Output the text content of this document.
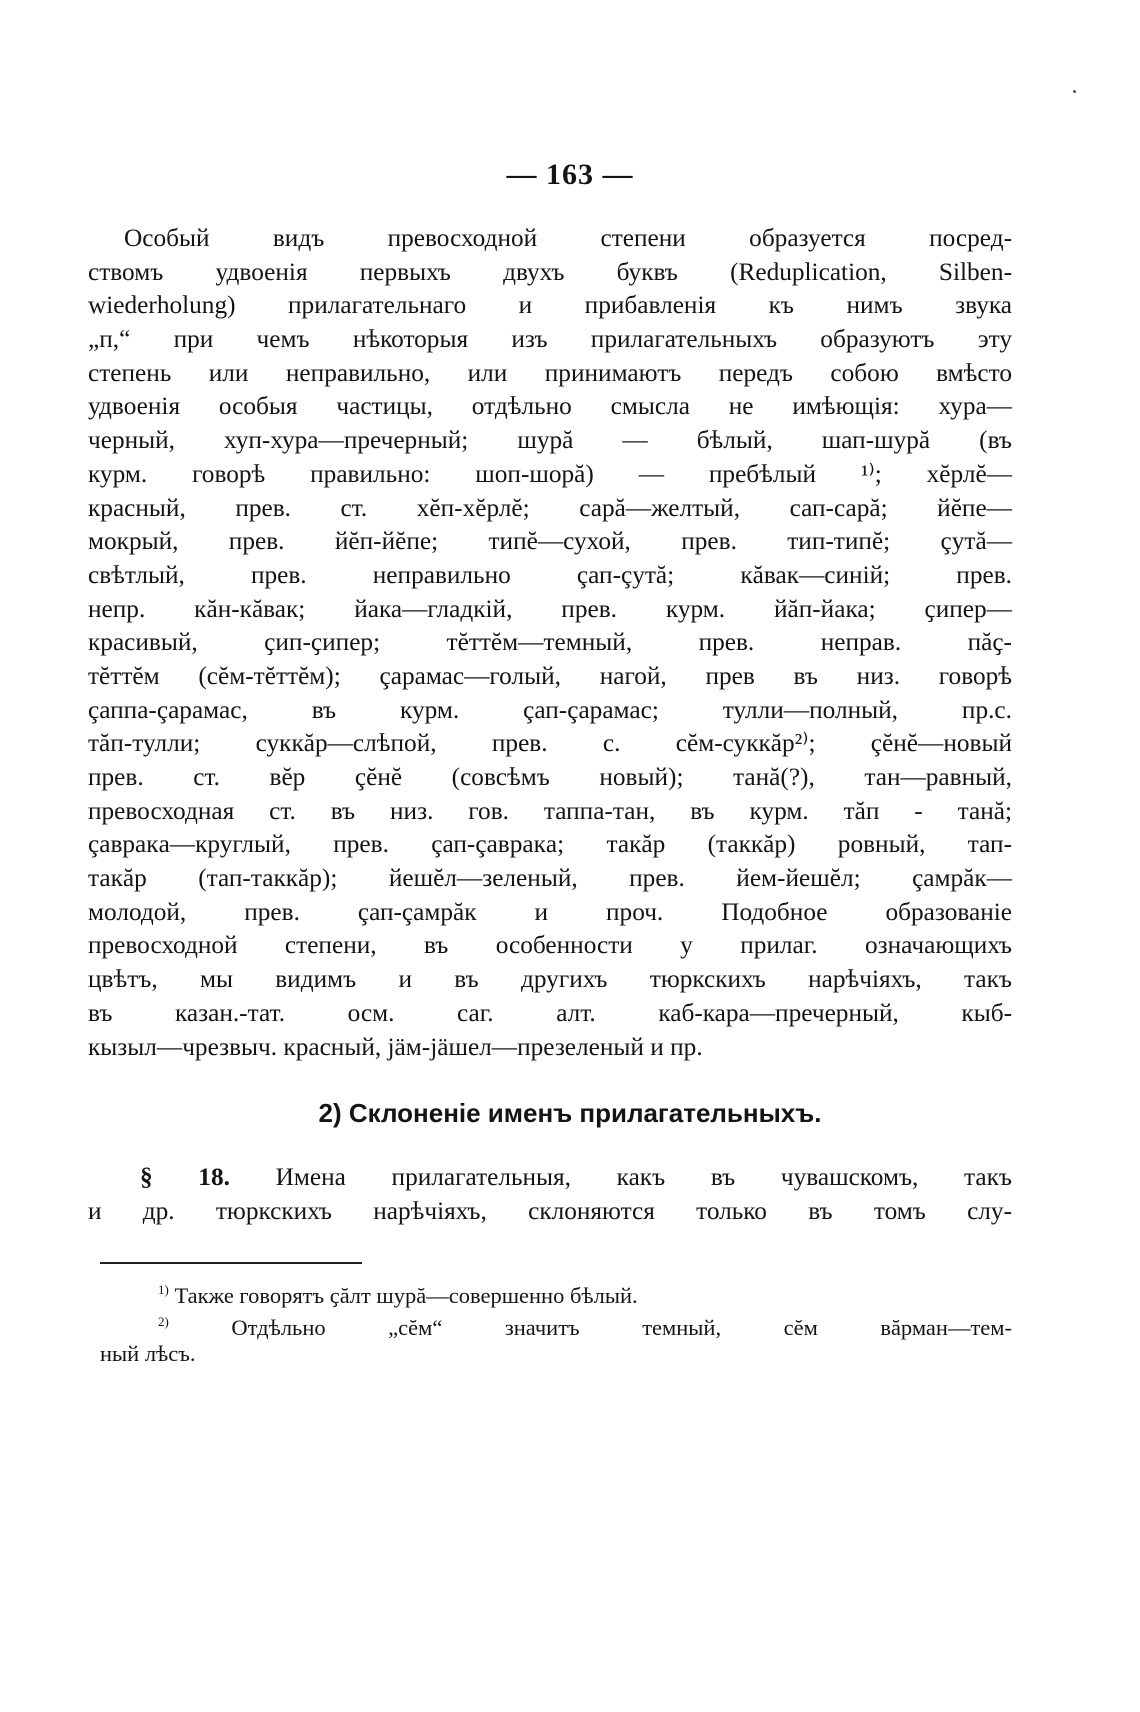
— 163 —
Особый видъ превосходной степени образуется посред-
ствомъ удвоенія первыхъ двухъ буквъ (Reduplication, Silben-
wiederholung) прилагательнаго и прибавленія къ нимъ звука
„п,“ при чемъ нѣкоторыя изъ прилагательныхъ образуютъ эту
степень или неправильно, или принимаютъ передъ собою вмѣсто
удвоенія особыя частицы, отдѣльно смысла не имѣющія: хура—
черный, хуп-хура—пречерный; шурă — бѣлый, шап-шурă (въ
курм. говорѣ правильно: шоп-шорă) — пребѣлый ¹⁾; хĕрлĕ—
красный, прев. ст. хĕп-хĕрлĕ; сарă—желтый, сап-сарă; йĕпе—
мокрый, прев. йĕп-йĕпе; типĕ—сухой, прев. тип-типĕ; çутă—
свѣтлый, прев. неправильно çап-çутă; кăвак—синій; прев.
непр. кăн-кăвак; йака—гладкій, прев. курм. йăп-йака; ҫипер—
красивый, ҫип-ҫипер; тĕттĕм—темный, прев. неправ. пăҫ-
тĕттĕм (сĕм-тĕттĕм); çарамас—голый, нагой, прев въ низ. говорѣ
çаппа-çарамас, въ курм. çап-çарамас; тулли—полный, пр.с.
тăп-тулли; суккăр—слѣпой, прев. с. сĕм-суккăр²⁾; çĕнĕ—новый
прев. ст. вĕр çĕнĕ (совсѣмъ новый); танă(?), тан—равный,
превосходная ст. въ низ. гов. таппа-тан, въ курм. тăп - танă;
çавракa—круглый, прев. çап-çавракa; такăр (таккăр) ровный, тап-
такăр (тап-таккăр); йешĕл—зеленый, прев. йем-йешĕл; çамрăк—
молодой, прев. çап-çамрăк и проч. Подобное образованіе
превосходной степени, въ особенности у прилаг. означающихъ
цвѣтъ, мы видимъ и въ другихъ тюркскихъ нарѣчіяхъ, такъ
въ казан.-тат. осм. саг. алт. каб-кара—пречерный, кыб-
кызыл—чрезвыч. красный, jäм-jäшел—презеленый и пр.
2) Склоненіе именъ прилагательныхъ.
§ 18. Имена прилагательныя, какъ въ чувашскомъ, такъ
и др. тюркскихъ нарѣчіяхъ, склоняются только въ томъ слу-
$^{1)}$ Также говорятъ ҫăлт шурă—совершенно бѣлый.
$^{2)}$	Отдѣльно „сĕм“ значитъ темный, сĕм вăрман—тем-
ный лѣсъ.
